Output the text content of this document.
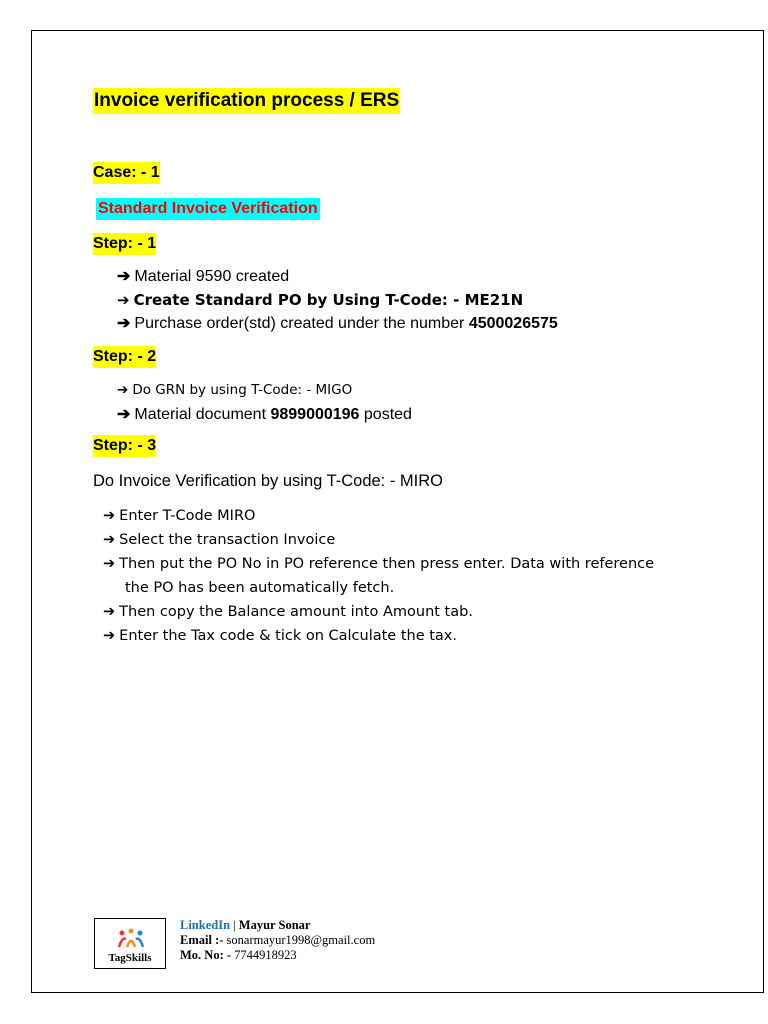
Invoice verification process / ERS
Case: - 1
Standard Invoice Verification
Step: - 1
➔ Material 9590 created
➔ Create Standard PO by Using T-Code: - ME21N
➔ Purchase order(std) created under the number 4500026575
Step: - 2
➔ Do GRN by using T-Code: - MIGO
➔ Material document 9899000196 posted
Step: - 3
Do Invoice Verification by using T-Code: - MIRO
➔ Enter T-Code MIRO
➔ Select the transaction Invoice
➔ Then put the PO No in PO reference then press enter. Data with reference
the PO has been automatically fetch.
➔ Then copy the Balance amount into Amount tab.
➔ Enter the Tax code & tick on Calculate the tax.
TagSkills
LinkedIn | Mayur Sonar
Email :- sonarmayur1998@gmail.com
Mo. No: - 7744918923
